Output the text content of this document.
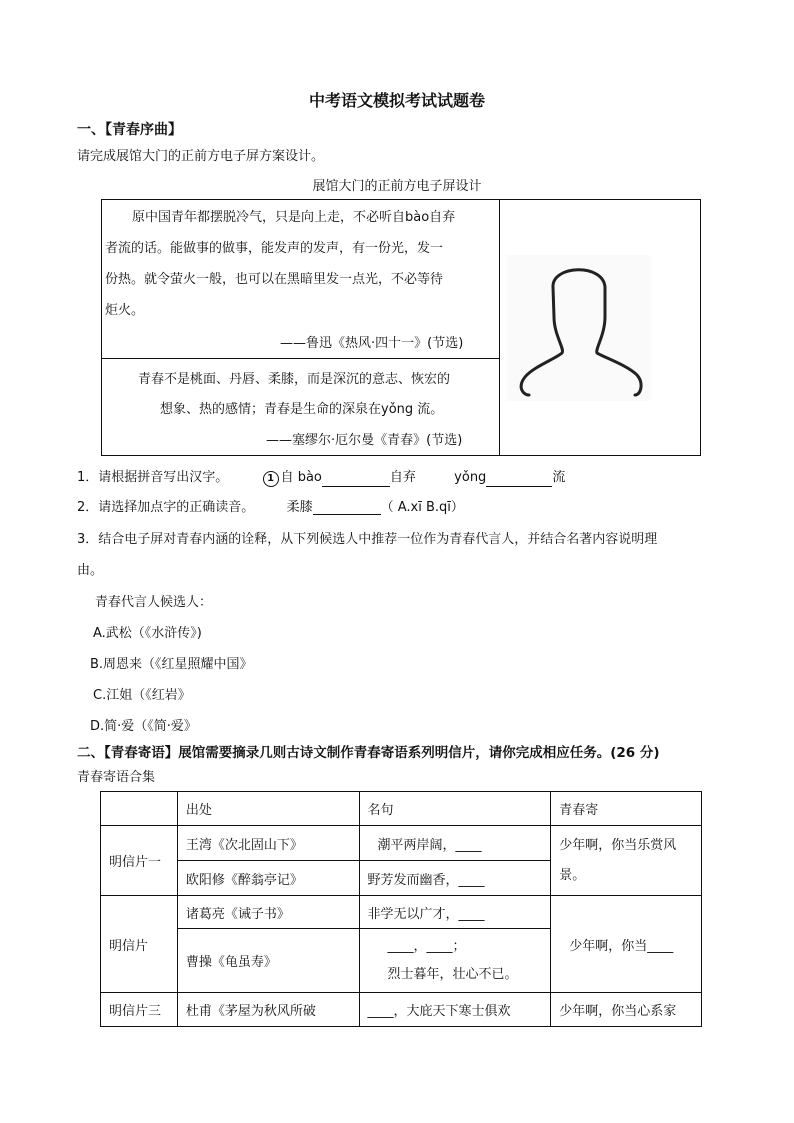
中考语文模拟考试试题卷
一、【青春序曲】
请完成展馆大门的正前方电子屏方案设计。
展馆大门的正前方电子屏设计
原中国青年都摆脱冷气，只是向上走，不必听自bào自弃
者流的话。能做事的做事，能发声的发声，有一份光，发一
份热。就令萤火一般，也可以在黑暗里发一点光，不必等待
炬火。
——鲁迅《热风·四十一》(节选)
青春不是桃面、丹唇、柔膝，而是深沉的意志、恢宏的
想象、热的感情；青春是生命的深泉在yǒng 流。
——塞缪尔·厄尔曼《青春》(节选)
1．请根据拼音写出汉字。	1 自 bào	自弃	yǒng	流
2．请选择加点字的正确读音。 柔膝	（ A.xī B.qī）
3．结合电子屏对青春内涵的诠释，从下列候选人中推荐一位作为青春代言人，并结合名著内容说明理
由。
青春代言人候选人：
A.武松（《水浒传》)
B.周恩来（《红星照耀中国》
C.江姐（《红岩》
D.简·爱（《简·爱》
二、【青春寄语】展馆需要摘录几则古诗文制作青春寄语系列明信片，请你完成相应任务。(26 分)
青春寄语合集
	出处	名句	青春寄
明信片一	王湾《次北固山下》	潮平两岸阔，____	少年啊，你当乐赏风景。
	欧阳修《醉翁亭记》	野芳发而幽香，____	
明信片	诸葛亮《诫子书》	非学无以广才，____	少年啊，你当____
	曹操《龟虽寿》	____，____；
烈士暮年，壮心不已。	

明信片三	杜甫《茅屋为秋风所破	____，大庇天下寒士俱欢	少年啊，你当心系家
